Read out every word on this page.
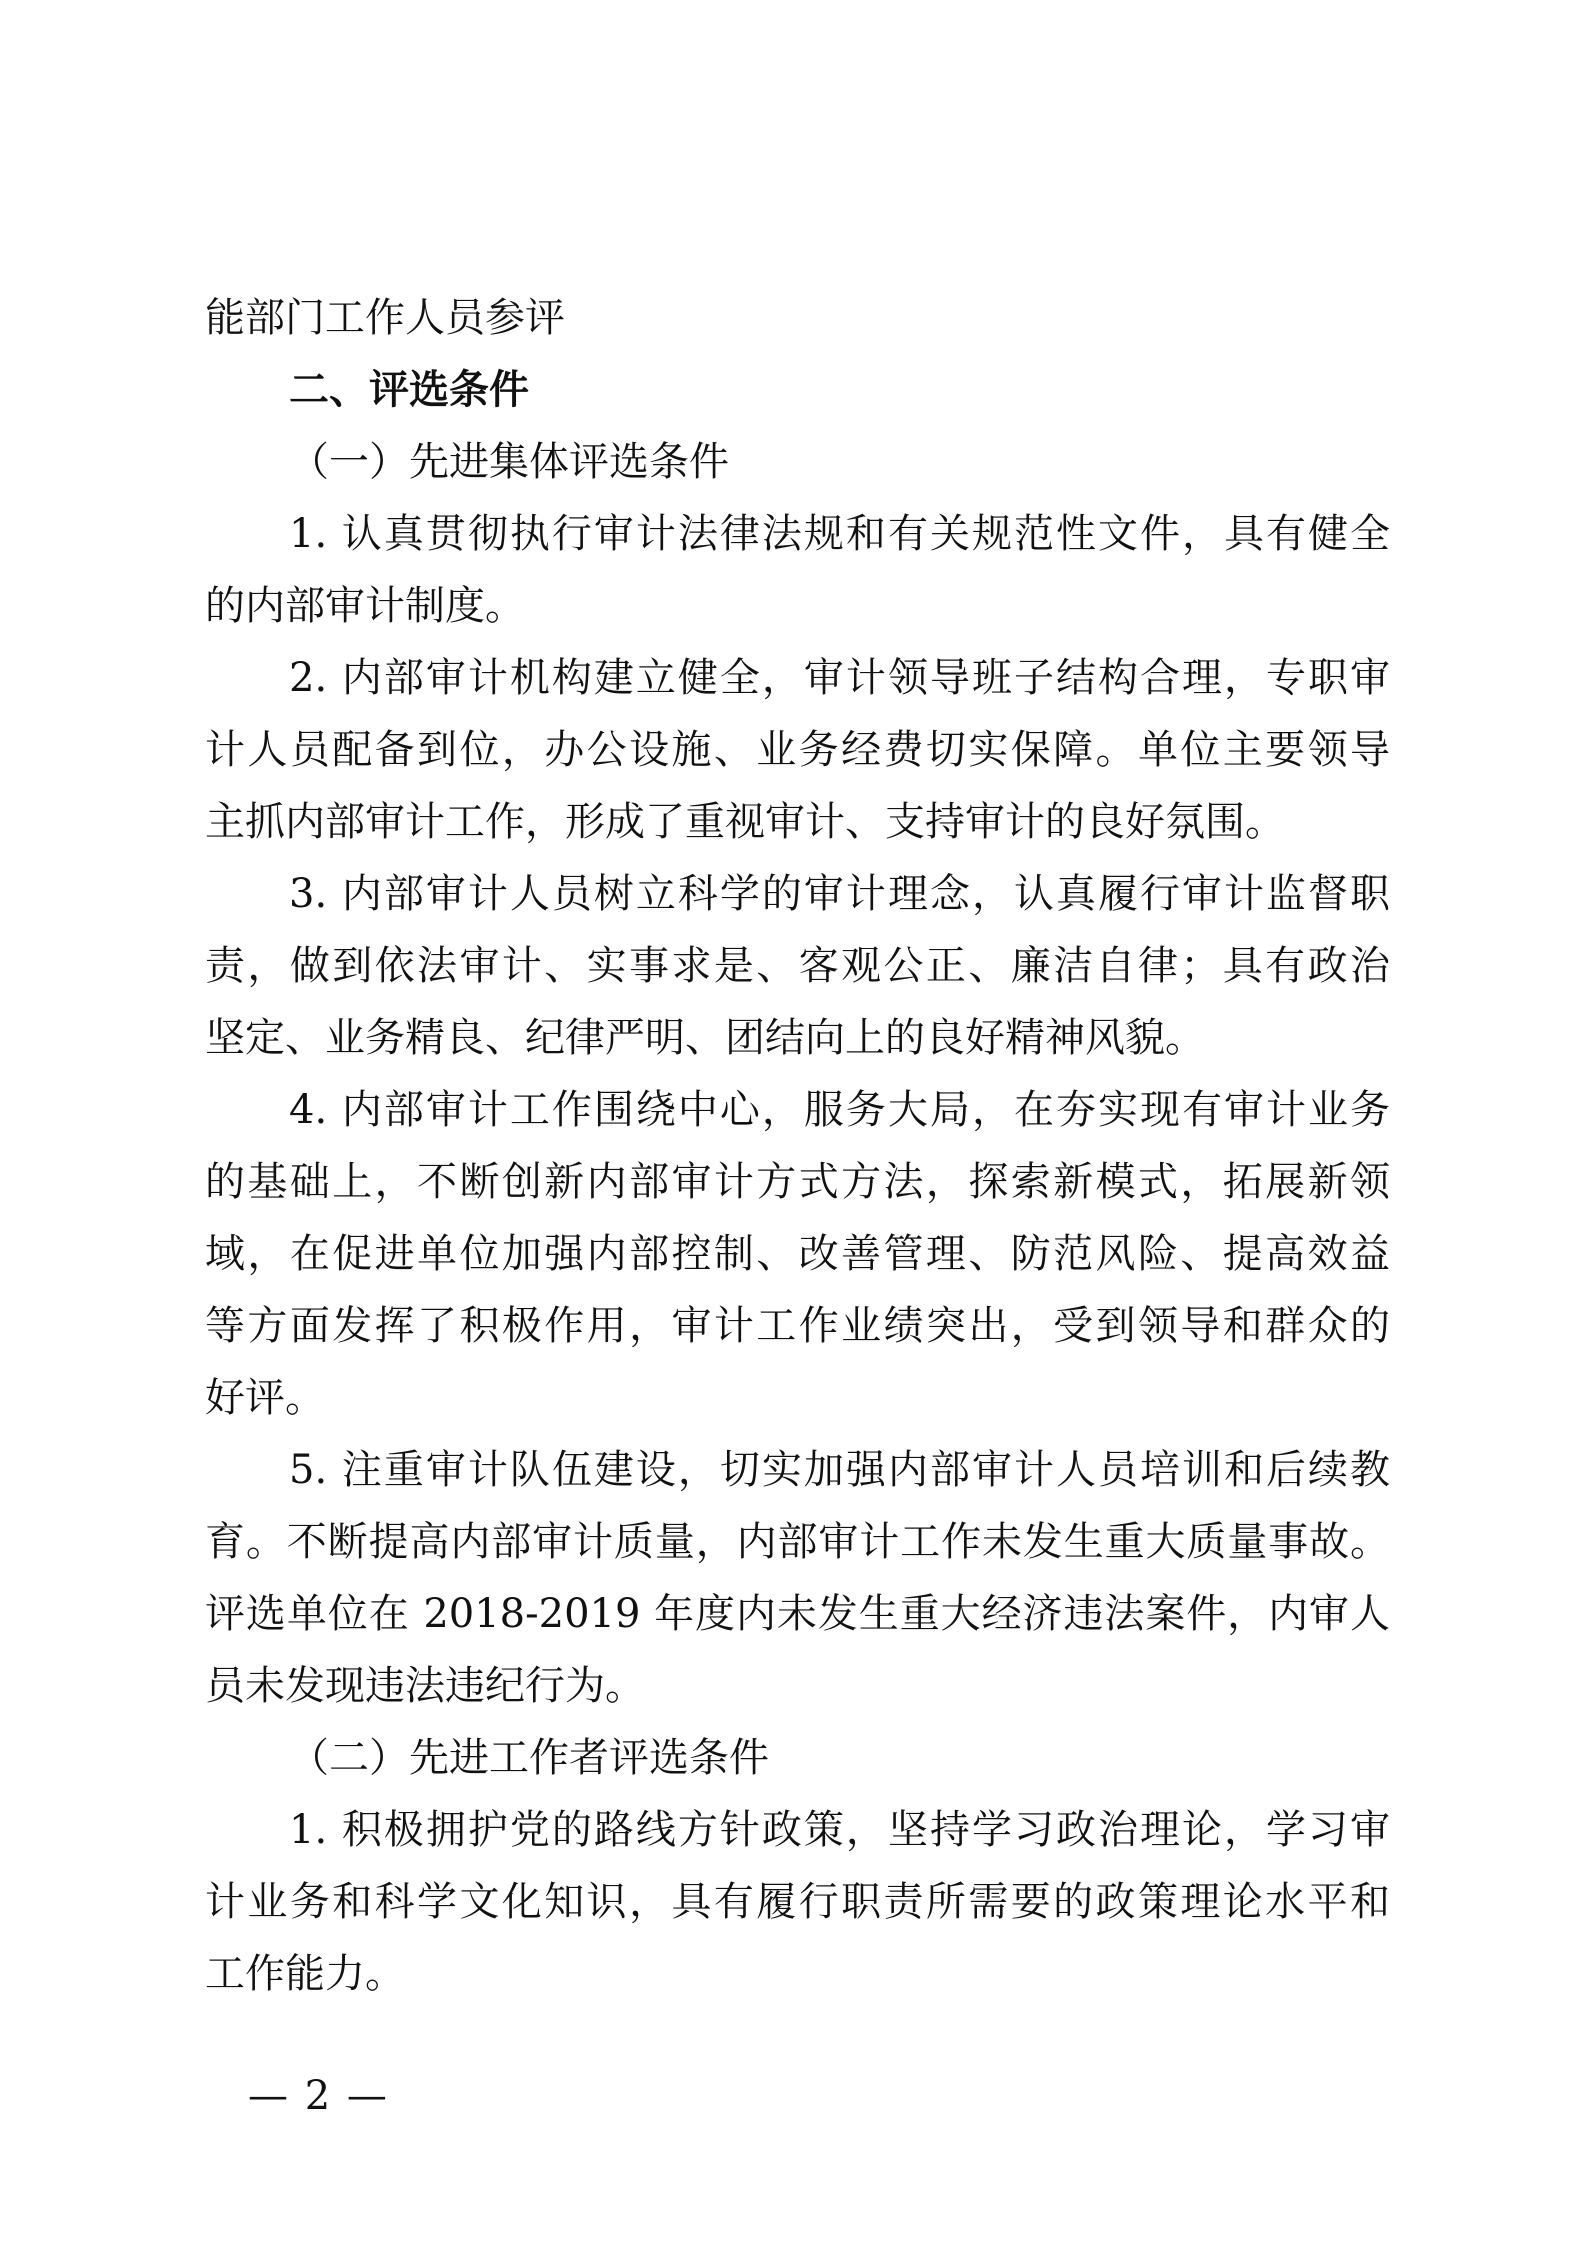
能部门工作人员参评
二、评选条件
（一）先进集体评选条件
1. 认真贯彻执行审计法律法规和有关规范性文件，具有健全
的内部审计制度。
2. 内部审计机构建立健全，审计领导班子结构合理，专职审
计人员配备到位，办公设施、业务经费切实保障。单位主要领导
主抓内部审计工作，形成了重视审计、支持审计的良好氛围。
3. 内部审计人员树立科学的审计理念，认真履行审计监督职
责，做到依法审计、实事求是、客观公正、廉洁自律；具有政治
坚定、业务精良、纪律严明、团结向上的良好精神风貌。
4. 内部审计工作围绕中心，服务大局，在夯实现有审计业务
的基础上，不断创新内部审计方式方法，探索新模式，拓展新领
域，在促进单位加强内部控制、改善管理、防范风险、提高效益
等方面发挥了积极作用，审计工作业绩突出，受到领导和群众的
好评。
5. 注重审计队伍建设，切实加强内部审计人员培训和后续教
育。不断提高内部审计质量，内部审计工作未发生重大质量事故。
评选单位在 2018-2019 年度内未发生重大经济违法案件，内审人
员未发现违法违纪行为。
（二）先进工作者评选条件
1. 积极拥护党的路线方针政策，坚持学习政治理论，学习审
计业务和科学文化知识，具有履行职责所需要的政策理论水平和
工作能力。
— 2 —
